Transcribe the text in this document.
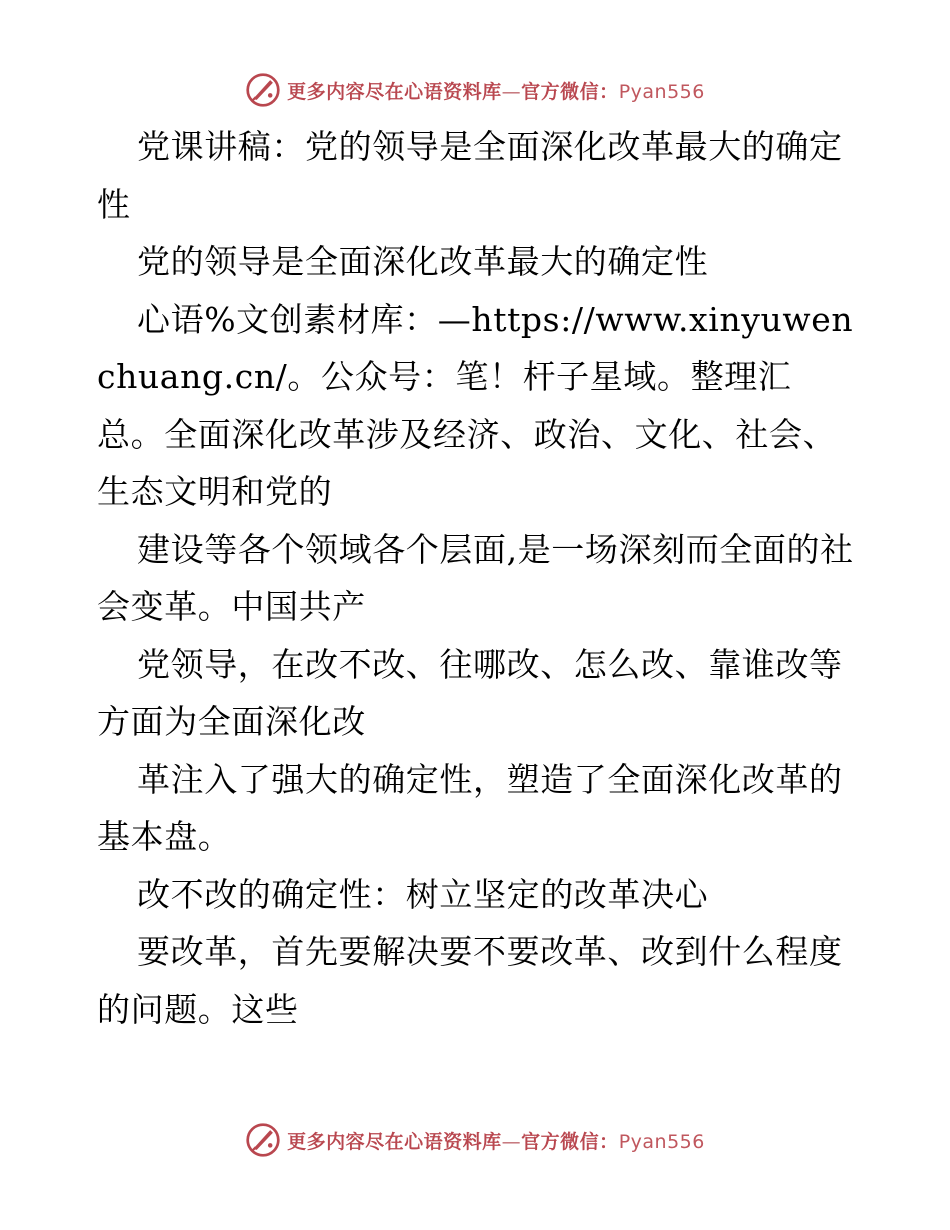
更多内容尽在心语资料库—官方微信：Pyan556

党课讲稿：党的领导是全面深化改革最大的确定性

党的领导是全面深化改革最大的确定性

心语%文创素材库：—https://www.xinyuwenchuang.cn/。公众号：笔！杆子星域。整理汇总。全面深化改革涉及经济、政治、文化、社会、生态文明和党的

建设等各个领域各个层面,是一场深刻而全面的社会变革。中国共产

党领导，在改不改、往哪改、怎么改、靠谁改等方面为全面深化改

革注入了强大的确定性，塑造了全面深化改革的基本盘。

改不改的确定性：树立坚定的改革决心

要改革，首先要解决要不要改革、改到什么程度的问题。这些

更多内容尽在心语资料库—官方微信：Pyan556
